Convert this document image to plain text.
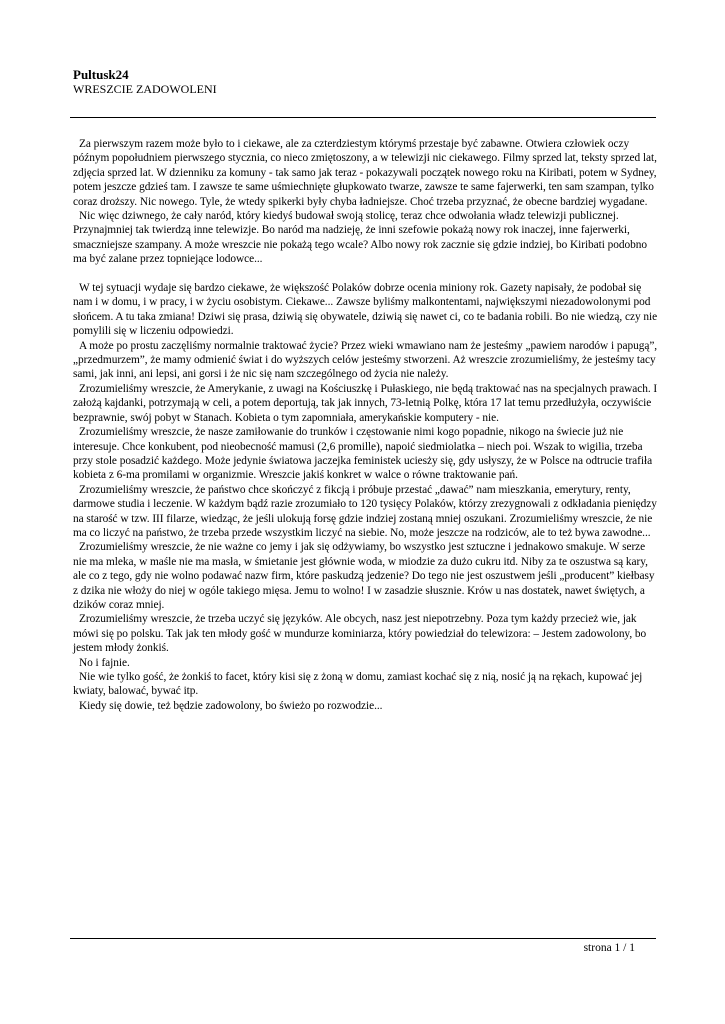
Pultusk24
WRESZCIE ZADOWOLENI

Za pierwszym razem może było to i ciekawe, ale za czterdziestym którymś przestaje być zabawne. Otwiera człowiek oczy późnym popołudniem pierwszego stycznia, co nieco zmiętoszony, a w telewizji nic ciekawego. Filmy sprzed lat, teksty sprzed lat, zdjęcia sprzed lat. W dzienniku za komuny - tak samo jak teraz - pokazywali początek nowego roku na Kiribati, potem w Sydney, potem jeszcze gdzieś tam. I zawsze te same uśmiechnięte głupkowato twarze, zawsze te same fajerwerki, ten sam szampan, tylko coraz droższy. Nic nowego. Tyle, że wtedy spikerki były chyba ładniejsze. Choć trzeba przyznać, że obecne bardziej wygadane.

Nic więc dziwnego, że cały naród, który kiedyś budował swoją stolicę, teraz chce odwołania władz telewizji publicznej. Przynajmniej tak twierdzą inne telewizje. Bo naród ma nadzieję, że inni szefowie pokażą nowy rok inaczej, inne fajerwerki, smaczniejsze szampany. A może wreszcie nie pokażą tego wcale? Albo nowy rok zacznie się gdzie indziej, bo Kiribati podobno ma być zalane przez topniejące lodowce...

W tej sytuacji wydaje się bardzo ciekawe, że większość Polaków dobrze ocenia miniony rok. Gazety napisały, że podobał się nam i w domu, i w pracy, i w życiu osobistym. Ciekawe... Zawsze byliśmy malkontentami, największymi niezadowolonymi pod słońcem. A tu taka zmiana! Dziwi się prasa, dziwią się obywatele, dziwią się nawet ci, co te badania robili. Bo nie wiedzą, czy nie pomylili się w liczeniu odpowiedzi.

A może po prostu zaczęliśmy normalnie traktować życie? Przez wieki wmawiano nam że jesteśmy „pawiem narodów i papugą”, „przedmurzem”, że mamy odmienić świat i do wyższych celów jesteśmy stworzeni. Aż wreszcie zrozumieliśmy, że jesteśmy tacy sami, jak inni, ani lepsi, ani gorsi i że nic się nam szczególnego od życia nie należy.

Zrozumieliśmy wreszcie, że Amerykanie, z uwagi na Kościuszkę i Pułaskiego, nie będą traktować nas na specjalnych prawach. I założą kajdanki, potrzymają w celi, a potem deportują, tak jak innych, 73-letnią Polkę, która 17 lat temu przedłużyła, oczywiście bezprawnie, swój pobyt w Stanach. Kobieta o tym zapomniała, amerykańskie komputery - nie.

Zrozumieliśmy wreszcie, że nasze zamiłowanie do trunków i częstowanie nimi kogo popadnie, nikogo na świecie już nie interesuje. Chce konkubent, pod nieobecność mamusi (2,6 promille), napoić siedmiolatka – niech poi. Wszak to wigilia, trzeba przy stole posadzić każdego. Może jedynie światowa jaczejka feministek uciesży się, gdy usłyszy, że w Polsce na odtrucie trafiła kobieta z 6-ma promilami w organizmie. Wreszcie jakiś konkret w walce o równe traktowanie pań.

Zrozumieliśmy wreszcie, że państwo chce skończyć z fikcją i próbuje przestać „dawać” nam mieszkania, emerytury, renty, darmowe studia i leczenie. W każdym bądź razie zrozumiało to 120 tysięcy Polaków, którzy zrezygnowali z odkładania pieniędzy na starość w tzw. III filarze, wiedząc, że jeśli ulokują forsę gdzie indziej zostaną mniej oszukani. Zrozumieliśmy wreszcie, że nie ma co liczyć na państwo, że trzeba przede wszystkim liczyć na siebie. No, może jeszcze na rodziców, ale to też bywa zawodne...

Zrozumieliśmy wreszcie, że nie ważne co jemy i jak się odżywiamy, bo wszystko jest sztuczne i jednakowo smakuje. W serze nie ma mleka, w maśle nie ma masła, w śmietanie jest głównie woda, w miodzie za dużo cukru itd. Niby za te oszustwa są kary, ale co z tego, gdy nie wolno podawać nazw firm, które paskudzą jedzenie? Do tego nie jest oszustwem jeśli „producent” kiełbasy z dzika nie włoży do niej w ogóle takiego mięsa. Jemu to wolno! I w zasadzie słusznie. Krów u nas dostatek, nawet świętych, a dzików coraz mniej.

Zrozumieliśmy wreszcie, że trzeba uczyć się języków. Ale obcych, nasz jest niepotrzebny. Poza tym każdy przecież wie, jak mówi się po polsku. Tak jak ten młody gość w mundurze kominiarza, który powiedział do telewizora: – Jestem zadowolony, bo jestem młody żonkiś.

No i fajnie.

Nie wie tylko gość, że żonkiś to facet, który kisi się z żoną w domu, zamiast kochać się z nią, nosić ją na rękach, kupować jej kwiaty, balować, bywać itp.

Kiedy się dowie, też będzie zadowolony, bo świeżo po rozwodzie...

strona 1 / 1
